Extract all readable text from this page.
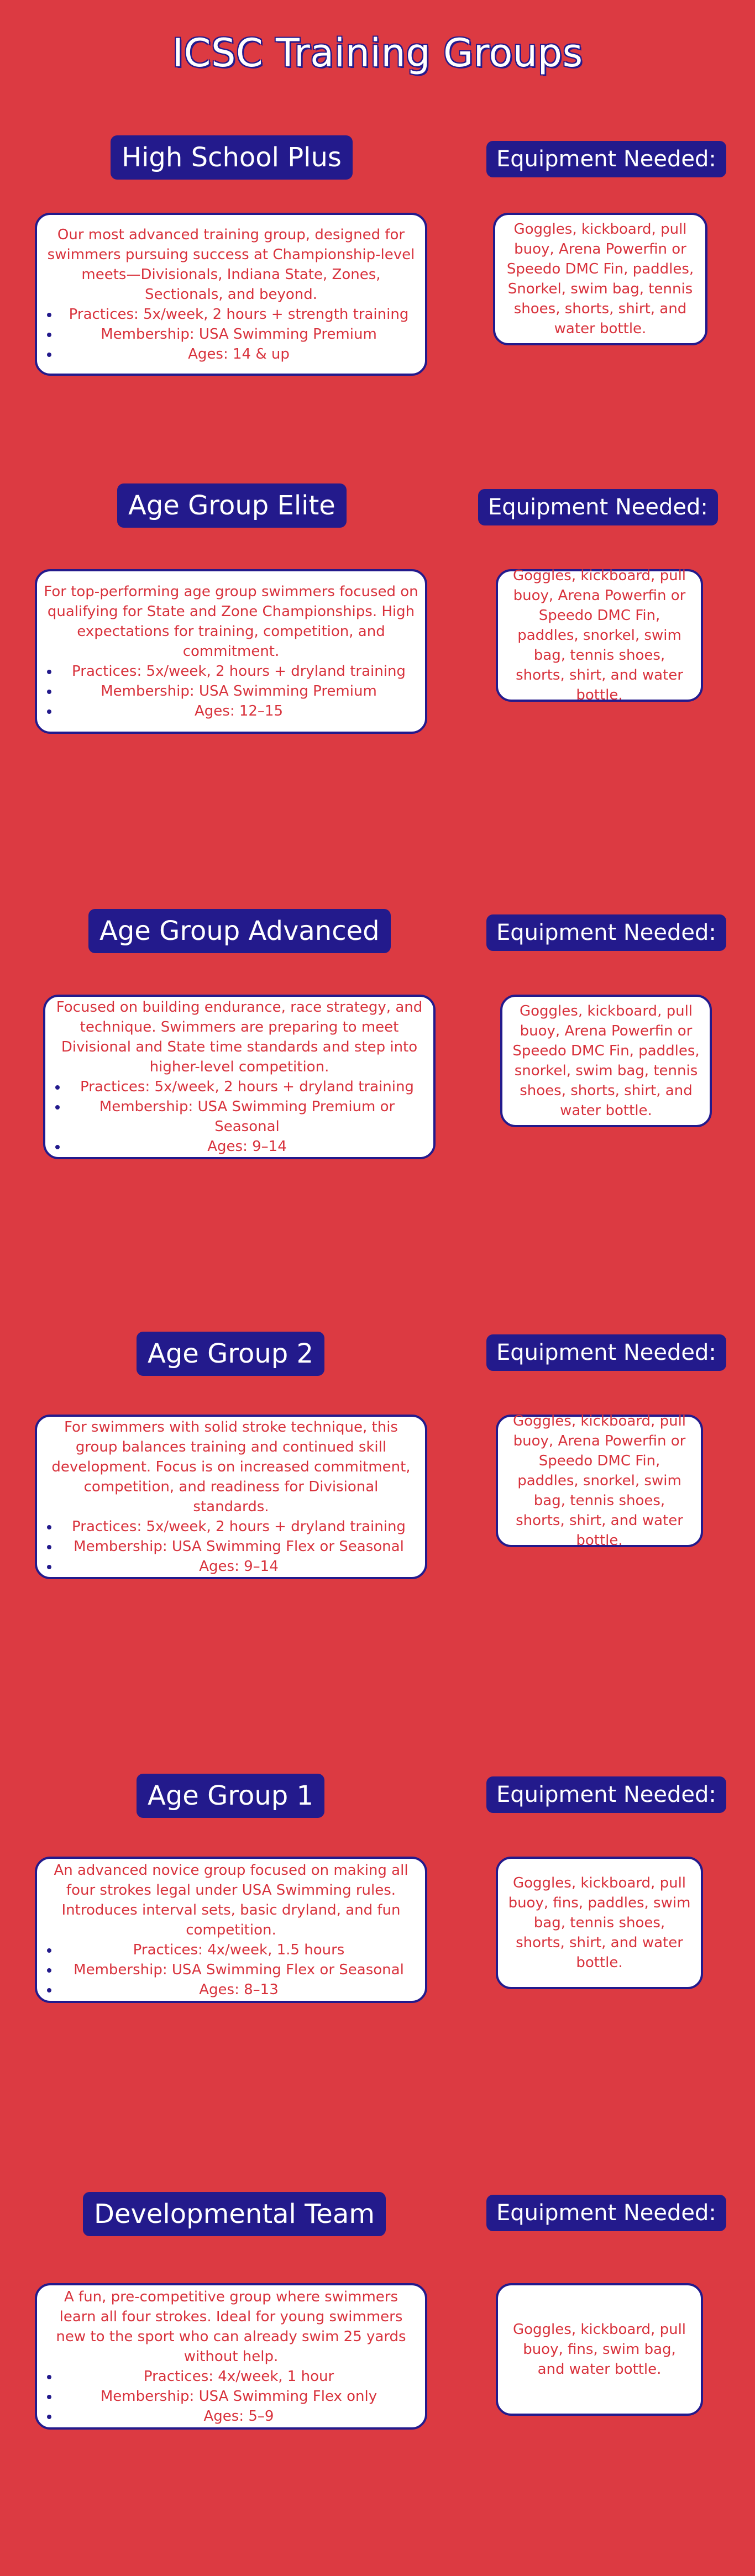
ICSC Training Groups
High School Plus	Equipment Needed:

Our most advanced training group, designed for swimmers pursuing success at Championship-level meets—Divisionals, Indiana State, Zones, Sectionals, and beyond.

• Practices: 5x/week, 2 hours + strength training
• Membership: USA Swimming Premium
• Ages: 14 & up
Goggles, kickboard, pull buoy, Arena Powerfin or Speedo DMC Fin, paddles, Snorkel, swim bag, tennis shoes, shorts, shirt, and water bottle.
Age Group Elite	Equipment Needed:

For top-performing age group swimmers focused on qualifying for State and Zone Championships. High expectations for training, competition, and commitment.

• Practices: 5x/week, 2 hours + dryland training
• Membership: USA Swimming Premium
• Ages: 12–15
Goggles, kickboard, pull buoy, Arena Powerfin or Speedo DMC Fin, paddles, snorkel, swim bag, tennis shoes, shorts, shirt, and water bottle.
Age Group Advanced	Equipment Needed:

Focused on building endurance, race strategy, and technique. Swimmers are preparing to meet Divisional and State time standards and step into higher-level competition.

• Practices: 5x/week, 2 hours + dryland training
• Membership: USA Swimming Premium or Seasonal
• Ages: 9–14
Goggles, kickboard, pull buoy, Arena Powerfin or Speedo DMC Fin, paddles, snorkel, swim bag, tennis shoes, shorts, shirt, and water bottle.
Age Group 2	Equipment Needed:

For swimmers with solid stroke technique, this group balances training and continued skill development. Focus is on increased commitment, competition, and readiness for Divisional standards.

• Practices: 5x/week, 2 hours + dryland training
• Membership: USA Swimming Flex or Seasonal
• Ages: 9–14
Goggles, kickboard, pull buoy, Arena Powerfin or Speedo DMC Fin, paddles, snorkel, swim bag, tennis shoes, shorts, shirt, and water bottle.
Age Group 1	Equipment Needed:

An advanced novice group focused on making all four strokes legal under USA Swimming rules. Introduces interval sets, basic dryland, and fun competition.

• Practices: 4x/week, 1.5 hours
• Membership: USA Swimming Flex or Seasonal
• Ages: 8–13
Goggles, kickboard, pull buoy, fins, paddles, swim bag, tennis shoes, shorts, shirt, and water bottle.
Developmental Team	Equipment Needed:

A fun, pre-competitive group where swimmers learn all four strokes. Ideal for young swimmers new to the sport who can already swim 25 yards without help.

• Practices: 4x/week, 1 hour
• Membership: USA Swimming Flex only
• Ages: 5–9
Goggles, kickboard, pull buoy, fins, swim bag, and water bottle.
